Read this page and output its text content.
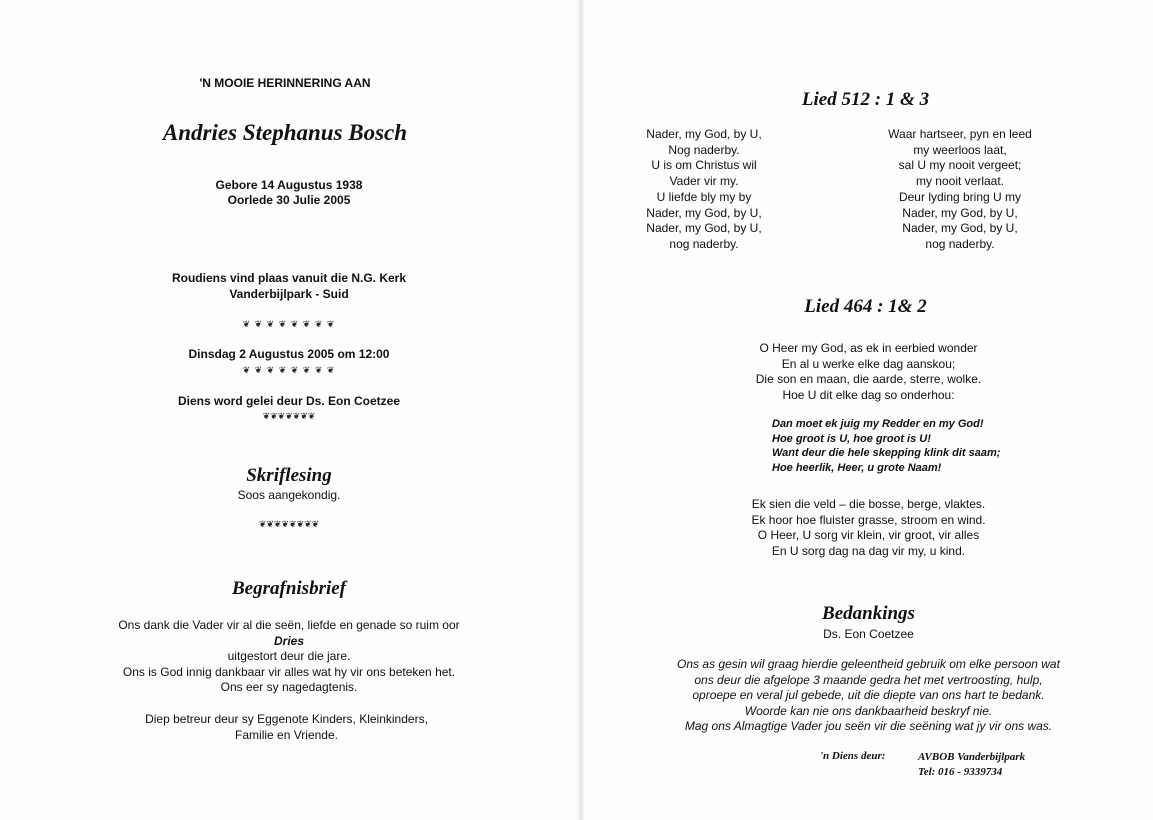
'N MOOIE HERINNERING AAN
Andries Stephanus Bosch
Gebore 14 Augustus 1938
Oorlede 30 Julie 2005
Roudiens vind plaas vanuit die N.G. Kerk
Vanderbijlpark - Suid
❦ ❦ ❦ ❦ ❦ ❦ ❦ ❦
Dinsdag 2 Augustus 2005 om 12:00
❦ ❦ ❦ ❦ ❦ ❦ ❦ ❦
Diens word gelei deur Ds. Eon Coetzee
❦❦❦❦❦❦❦
Skriflesing
Soos aangekondig.
❦❦❦❦❦❦❦❦
Begrafnisbrief
Ons dank die Vader vir al die seën, liefde en genade so ruim oor
Dries
uitgestort deur die jare.
Ons is God innig dankbaar vir alles wat hy vir ons beteken het.
Ons eer sy nagedagtenis.
Diep betreur deur sy Eggenote Kinders, Kleinkinders,
Familie en Vriende.
Lied 512 : 1 & 3
Nader, my God, by U,
Nog naderby.
U is om Christus wil
Vader vir my.
U liefde bly my by
Nader, my God, by U,
Nader, my God, by U,
nog naderby.
Waar hartseer, pyn en leed
my weerloos laat,
sal U my nooit vergeet;
my nooit verlaat.
Deur lyding bring U my
Nader, my God, by U,
Nader, my God, by U,
nog naderby.
Lied 464 : 1& 2
O Heer my God, as ek in eerbied wonder
En al u werke elke dag aanskou;
Die son en maan, die aarde, sterre, wolke.
Hoe U dit elke dag so onderhou:
Dan moet ek juig my Redder en my God!
Hoe groot is U, hoe groot is U!
Want deur die hele skepping klink dit saam;
Hoe heerlik, Heer, u grote Naam!
Ek sien die veld – die bosse, berge, vlaktes.
Ek hoor hoe fluister grasse, stroom en wind.
O Heer, U sorg vir klein, vir groot, vir alles
En U sorg dag na dag vir my, u kind.
Bedankings
Ds. Eon Coetzee
Ons as gesin wil graag hierdie geleentheid gebruik om elke persoon wat
ons deur die afgelope 3 maande gedra het met vertroosting, hulp,
oproepe en veral jul gebede, uit die diepte van ons hart te bedank.
Woorde kan nie ons dankbaarheid beskryf nie.
Mag ons Almagtige Vader jou seën vir die seëning wat jy vir ons was.
'n Diens deur:	AVBOB Vanderbijlpark
Tel: 016 - 9339734
